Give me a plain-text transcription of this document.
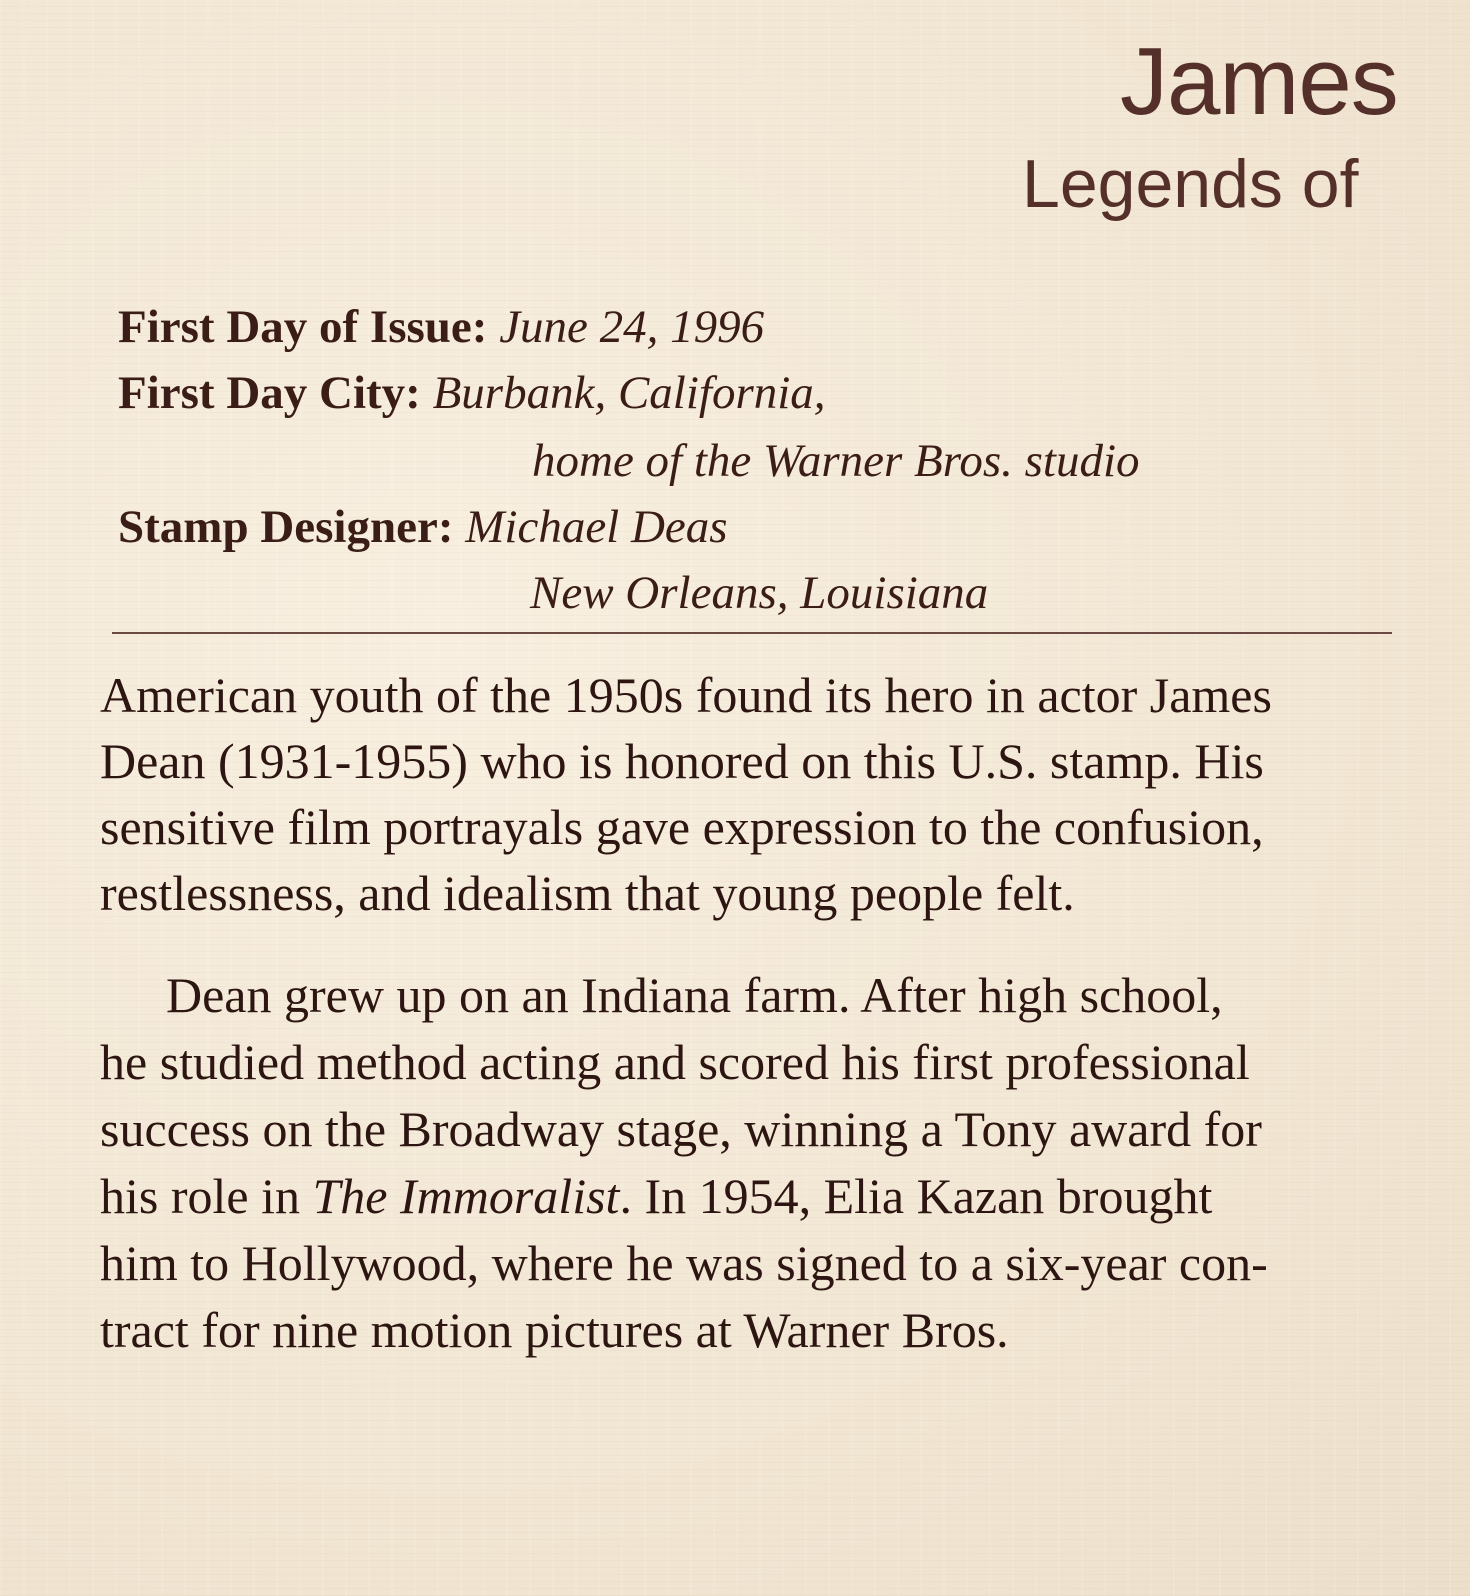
James
Legends of
First Day of Issue: June 24, 1996
First Day City: Burbank, California,
home of the Warner Bros. studio
Stamp Designer: Michael Deas
New Orleans, Louisiana
American youth of the 1950s found its hero in actor James
Dean (1931-1955) who is honored on this U.S. stamp. His
sensitive film portrayals gave expression to the confusion,
restlessness, and idealism that young people felt.
Dean grew up on an Indiana farm. After high school,
he studied method acting and scored his first professional
success on the Broadway stage, winning a Tony award for
his role in The Immoralist. In 1954, Elia Kazan brought
him to Hollywood, where he was signed to a six-year con-
tract for nine motion pictures at Warner Bros.
